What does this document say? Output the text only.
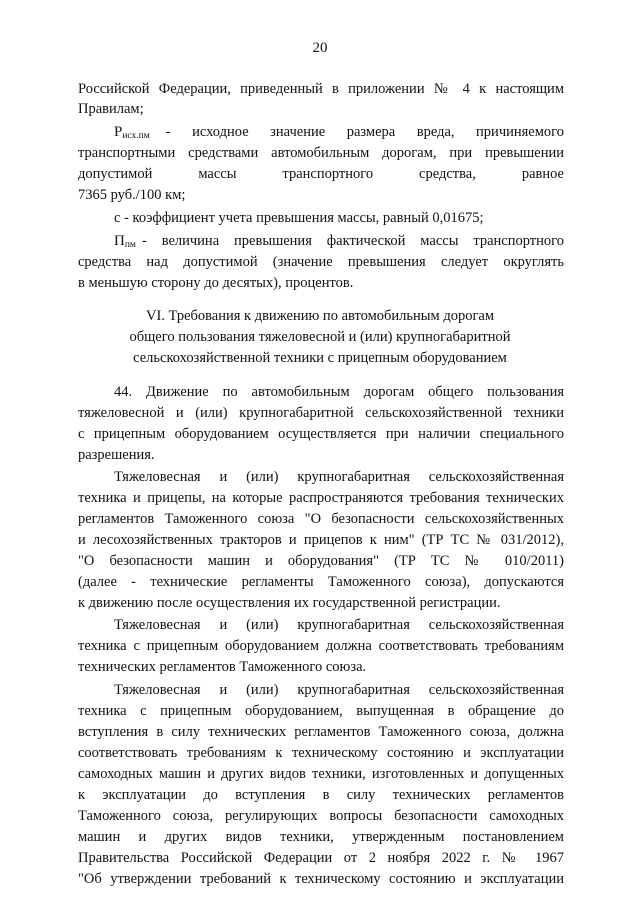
20
Российской Федерации, приведенный в приложении № 4 к настоящим
Правилам;
$Р_{исх.пм}$ - исходное значение размера вреда, причиняемого
транспортными средствами автомобильным дорогам, при превышении
допустимой массы транспортного средства, равное
7365 руб./100 км;
с - коэффициент учета превышения массы, равный 0,01675;
$П_{пм}$ - величина превышения фактической массы транспортного
средства над допустимой (значение превышения следует округлять
в меньшую сторону до десятых), процентов.
VI. Требования к движению по автомобильным дорогам
общего пользования тяжеловесной и (или) крупногабаритной
сельскохозяйственной техники с прицепным оборудованием
44. Движение по автомобильным дорогам общего пользования
тяжеловесной и (или) крупногабаритной сельскохозяйственной техники
с прицепным оборудованием осуществляется при наличии специального
разрешения.
Тяжеловесная и (или) крупногабаритная сельскохозяйственная
техника и прицепы, на которые распространяются требования технических
регламентов Таможенного союза "О безопасности сельскохозяйственных
и лесохозяйственных тракторов и прицепов к ним" (ТР ТС № 031/2012),
"О безопасности машин и оборудования" (ТР ТС № 010/2011)
(далее - технические регламенты Таможенного союза), допускаются
к движению после осуществления их государственной регистрации.
Тяжеловесная и (или) крупногабаритная сельскохозяйственная
техника с прицепным оборудованием должна соответствовать требованиям
технических регламентов Таможенного союза.
Тяжеловесная и (или) крупногабаритная сельскохозяйственная
техника с прицепным оборудованием, выпущенная в обращение до
вступления в силу технических регламентов Таможенного союза, должна
соответствовать требованиям к техническому состоянию и эксплуатации
самоходных машин и других видов техники, изготовленных и допущенных
к эксплуатации до вступления в силу технических регламентов
Таможенного союза, регулирующих вопросы безопасности самоходных
машин и других видов техники, утвержденным постановлением
Правительства Российской Федерации от 2 ноября 2022 г. № 1967
"Об утверждении требований к техническому состоянию и эксплуатации
